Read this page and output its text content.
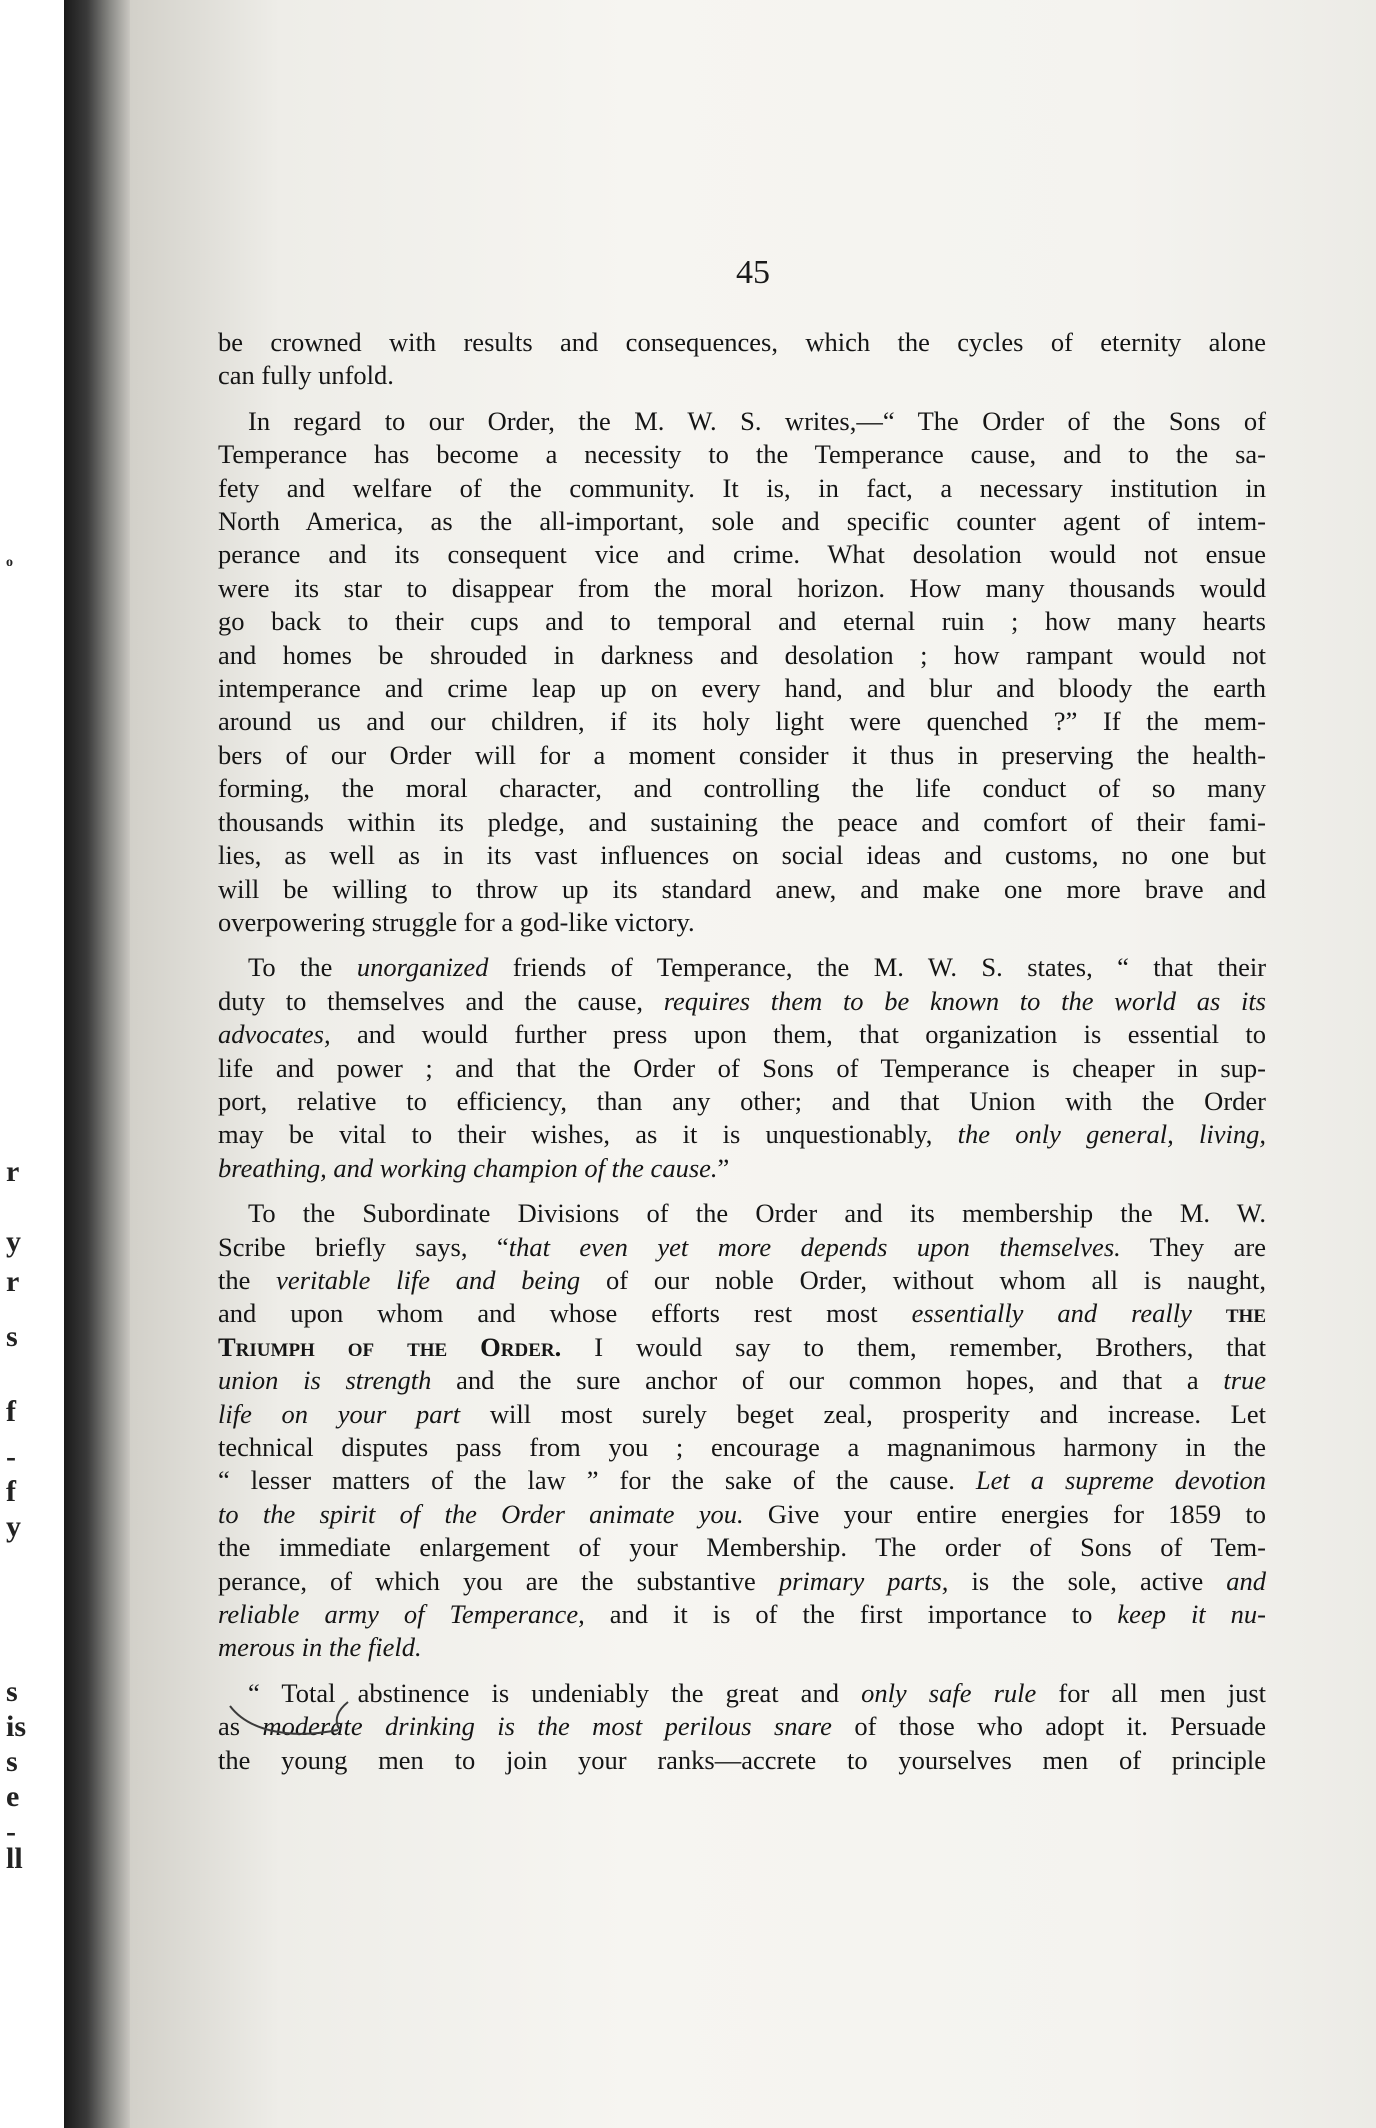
o
r
y
r
s
f
-
f
y
s
is
s
e
-
ll
45

be crowned with results and consequences, which the cycles of eternity alone
can fully unfold.

In regard to our Order, the M. W. S. writes,—“ The Order of the Sons of
Temperance has become a necessity to the Temperance cause, and to the sa-
fety and welfare of the community. It is, in fact, a necessary institution in
North America, as the all-important, sole and specific counter agent of intem-
perance and its consequent vice and crime. What desolation would not ensue
were its star to disappear from the moral horizon. How many thousands would
go back to their cups and to temporal and eternal ruin ; how many hearts
and homes be shrouded in darkness and desolation ; how rampant would not
intemperance and crime leap up on every hand, and blur and bloody the earth
around us and our children, if its holy light were quenched ?” If the mem-
bers of our Order will for a moment consider it thus in preserving the health-
forming, the moral character, and controlling the life conduct of so many
thousands within its pledge, and sustaining the peace and comfort of their fami-
lies, as well as in its vast influences on social ideas and customs, no one but
will be willing to throw up its standard anew, and make one more brave and
overpowering struggle for a god-like victory.

To the unorganized friends of Temperance, the M. W. S. states, “ that their
duty to themselves and the cause, requires them to be known to the world as its
advocates, and would further press upon them, that organization is essential to
life and power ; and that the Order of Sons of Temperance is cheaper in sup-
port, relative to efficiency, than any other; and that Union with the Order
may be vital to their wishes, as it is unquestionably, the only general, living,
breathing, and working champion of the cause.”

To the Subordinate Divisions of the Order and its membership the M. W.
Scribe briefly says, “that even yet more depends upon themselves. They are
the veritable life and being of our noble Order, without whom all is naught,
and upon whom and whose efforts rest most essentially and really the
Triumph of the Order. I would say to them, remember, Brothers, that
union is strength and the sure anchor of our common hopes, and that a true
life on your part will most surely beget zeal, prosperity and increase. Let
technical disputes pass from you ; encourage a magnanimous harmony in the
“ lesser matters of the law ” for the sake of the cause. Let a supreme devotion
to the spirit of the Order animate you. Give your entire energies for 1859 to
the immediate enlargement of your Membership. The order of Sons of Tem-
perance, of which you are the substantive primary parts, is the sole, active and
reliable army of Temperance, and it is of the first importance to keep it nu-
merous in the field.

“ Total abstinence is undeniably the great and only safe rule for all men just
as moderate drinking is the most perilous snare of those who adopt it. Persuade
the young men to join your ranks—accrete to yourselves men of principle
